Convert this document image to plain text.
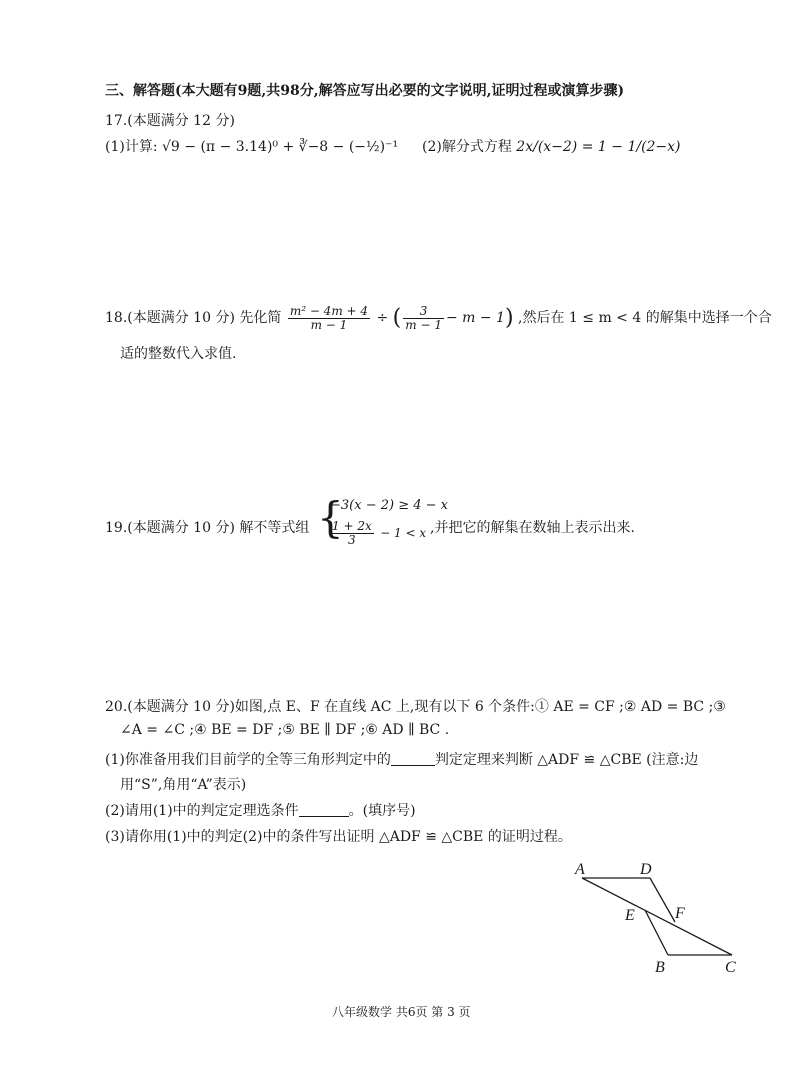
三、解答题(本大题有9题,共98分,解答应写出必要的文字说明,证明过程或演算步骤)
17.(本题满分 12 分)
(1)计算: √9 − (π − 3.14)⁰ + ∛−8 − (−½)⁻¹ (2)解分式方程 2x/(x−2) = 1 − 1/(2−x)
18.(本题满分 10 分) 先化简 $\frac{\text{m² − 4m + 4}}{m - 1}$ ÷ ( $\frac{3}{m - 1} - m - 1$) ,然后在 1 ≤ m < 4 的解集中选择一个合
适的整数代入求值.
19.(本题满分 10 分) 解不等式组 {
−3(x − 2) ≥ 4 − x
$\frac{1 + 2x}{3} - 1 < x$ ,并把它的解集在数轴上表示出来.
20.(本题满分 10 分)如图,点 E、F 在直线 AC 上,现有以下 6 个条件:① AE = CF ;② AD = BC ;③
∠A = ∠C ;④ BE = DF ;⑤ BE ∥ DF ;⑥ AD ∥ BC .
(1)你准备用我们目前学的全等三角形判定中的	判定定理来判断 △ADF ≌ △CBE (注意:边
用“S”,角用“A”表示)
(2)请用(1)中的判定定理选条件	。(填序号)
(3)请你用(1)中的判定(2)中的条件写出证明 △ADF ≌ △CBE 的证明过程。
A	D
E	F
B	C
八年级数学 共6页 第 3 页
